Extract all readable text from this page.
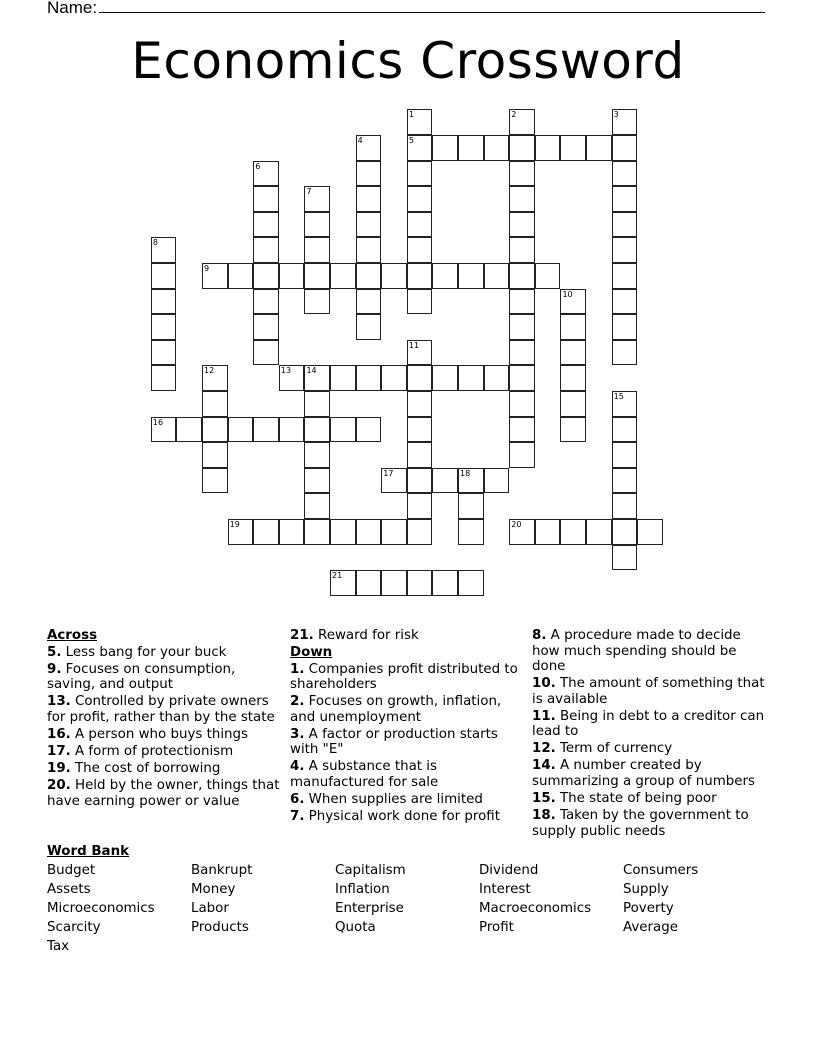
Name:
Economics Crossword
1
5
2	3
4
6
7
8
9
10
11
12	13 14
15
16
17	18
19	20
21
Across
5. Less bang for your buck
9. Focuses on consumption, saving, and output
13. Controlled by private owners for profit, rather than by the state
16. A person who buys things
17. A form of protectionism
19. The cost of borrowing
20. Held by the owner, things that have earning power or value
21. Reward for risk
Down
1. Companies profit distributed to shareholders
2. Focuses on growth, inflation, and unemployment
3. A factor or production starts with "E"
4. A substance that is manufactured for sale
6. When supplies are limited
7. Physical work done for profit
8. A procedure made to decide how much spending should be done
10. The amount of something that is available
11. Being in debt to a creditor can lead to
12. Term of currency
14. A number created by summarizing a group of numbers
15. The state of being poor
18. Taken by the government to supply public needs
Word Bank
Budget	Bankrupt	Capitalism	Dividend	Consumers
Assets	Money	Inflation	Interest	Supply
Microeconomics	Labor	Enterprise	Macroeconomics	Poverty
Scarcity	Products	Quota	Profit	Average
Tax
